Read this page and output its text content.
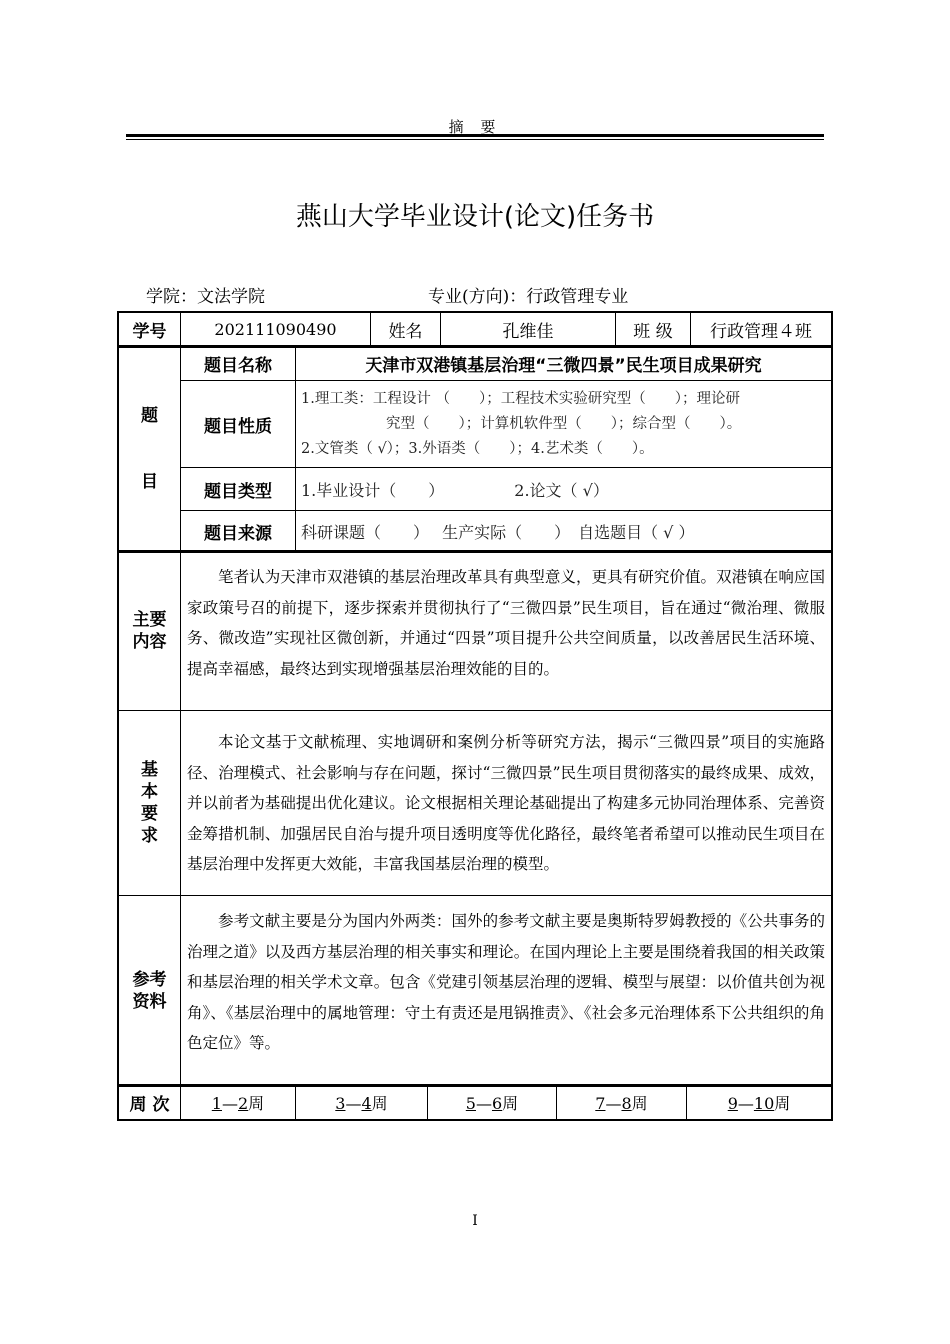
摘 要
燕山大学毕业设计(论文)任务书
学院：文法学院	专业(方向)：行政管理专业
学号	202111090490	姓名	孔维佳	班 级	行政管理４班
题

目	题目名称	天津市双港镇基层治理“三微四景”民生项目成果研究
	题目性质	1.理工类：工程设计 （　　）；工程技术实验研究型（　　）；理论研
究型（　　）；计算机软件型（　　）；综合型（　　）。
2.文管类（ √）；3.外语类（　　）；4.艺术类（　　）。

	题目类型	1.毕业设计（　　） 2.论文（ √）
	题目来源	科研课题（　　）　 生产实际（　　）　自选题目（ √ ）
主要
内容	笔者认为天津市双港镇的基层治理改革具有典型意义，更具有研究价值。双港镇在响应国家政策号召的前提下，逐步探索并贯彻执行了“三微四景”民生项目，旨在通过“微治理、微服务、微改造”实现社区微创新，并通过“四景”项目提升公共空间质量，以改善居民生活环境、提高幸福感，最终达到实现增强基层治理效能的目的。
基
本
要
求	本论文基于文献梳理、实地调研和案例分析等研究方法，揭示“三微四景”项目的实施路径、治理模式、社会影响与存在问题，探讨“三微四景”民生项目贯彻落实的最终成果、成效，并以前者为基础提出优化建议。论文根据相关理论基础提出了构建多元协同治理体系、完善资金筹措机制、加强居民自治与提升项目透明度等优化路径，最终笔者希望可以推动民生项目在基层治理中发挥更大效能，丰富我国基层治理的模型。
参考
资料	参考文献主要是分为国内外两类：国外的参考文献主要是奥斯特罗姆教授的《公共事务的治理之道》以及西方基层治理的相关事实和理论。在国内理论上主要是围绕着我国的相关政策和基层治理的相关学术文章。包含《党建引领基层治理的逻辑、模型与展望：以价值共创为视角》、《基层治理中的属地管理：守土有责还是甩锅推责》、《社会多元治理体系下公共组织的角色定位》等。
周 次	1—2周	3—4周	5—6周	7—8周	9—10周
I
